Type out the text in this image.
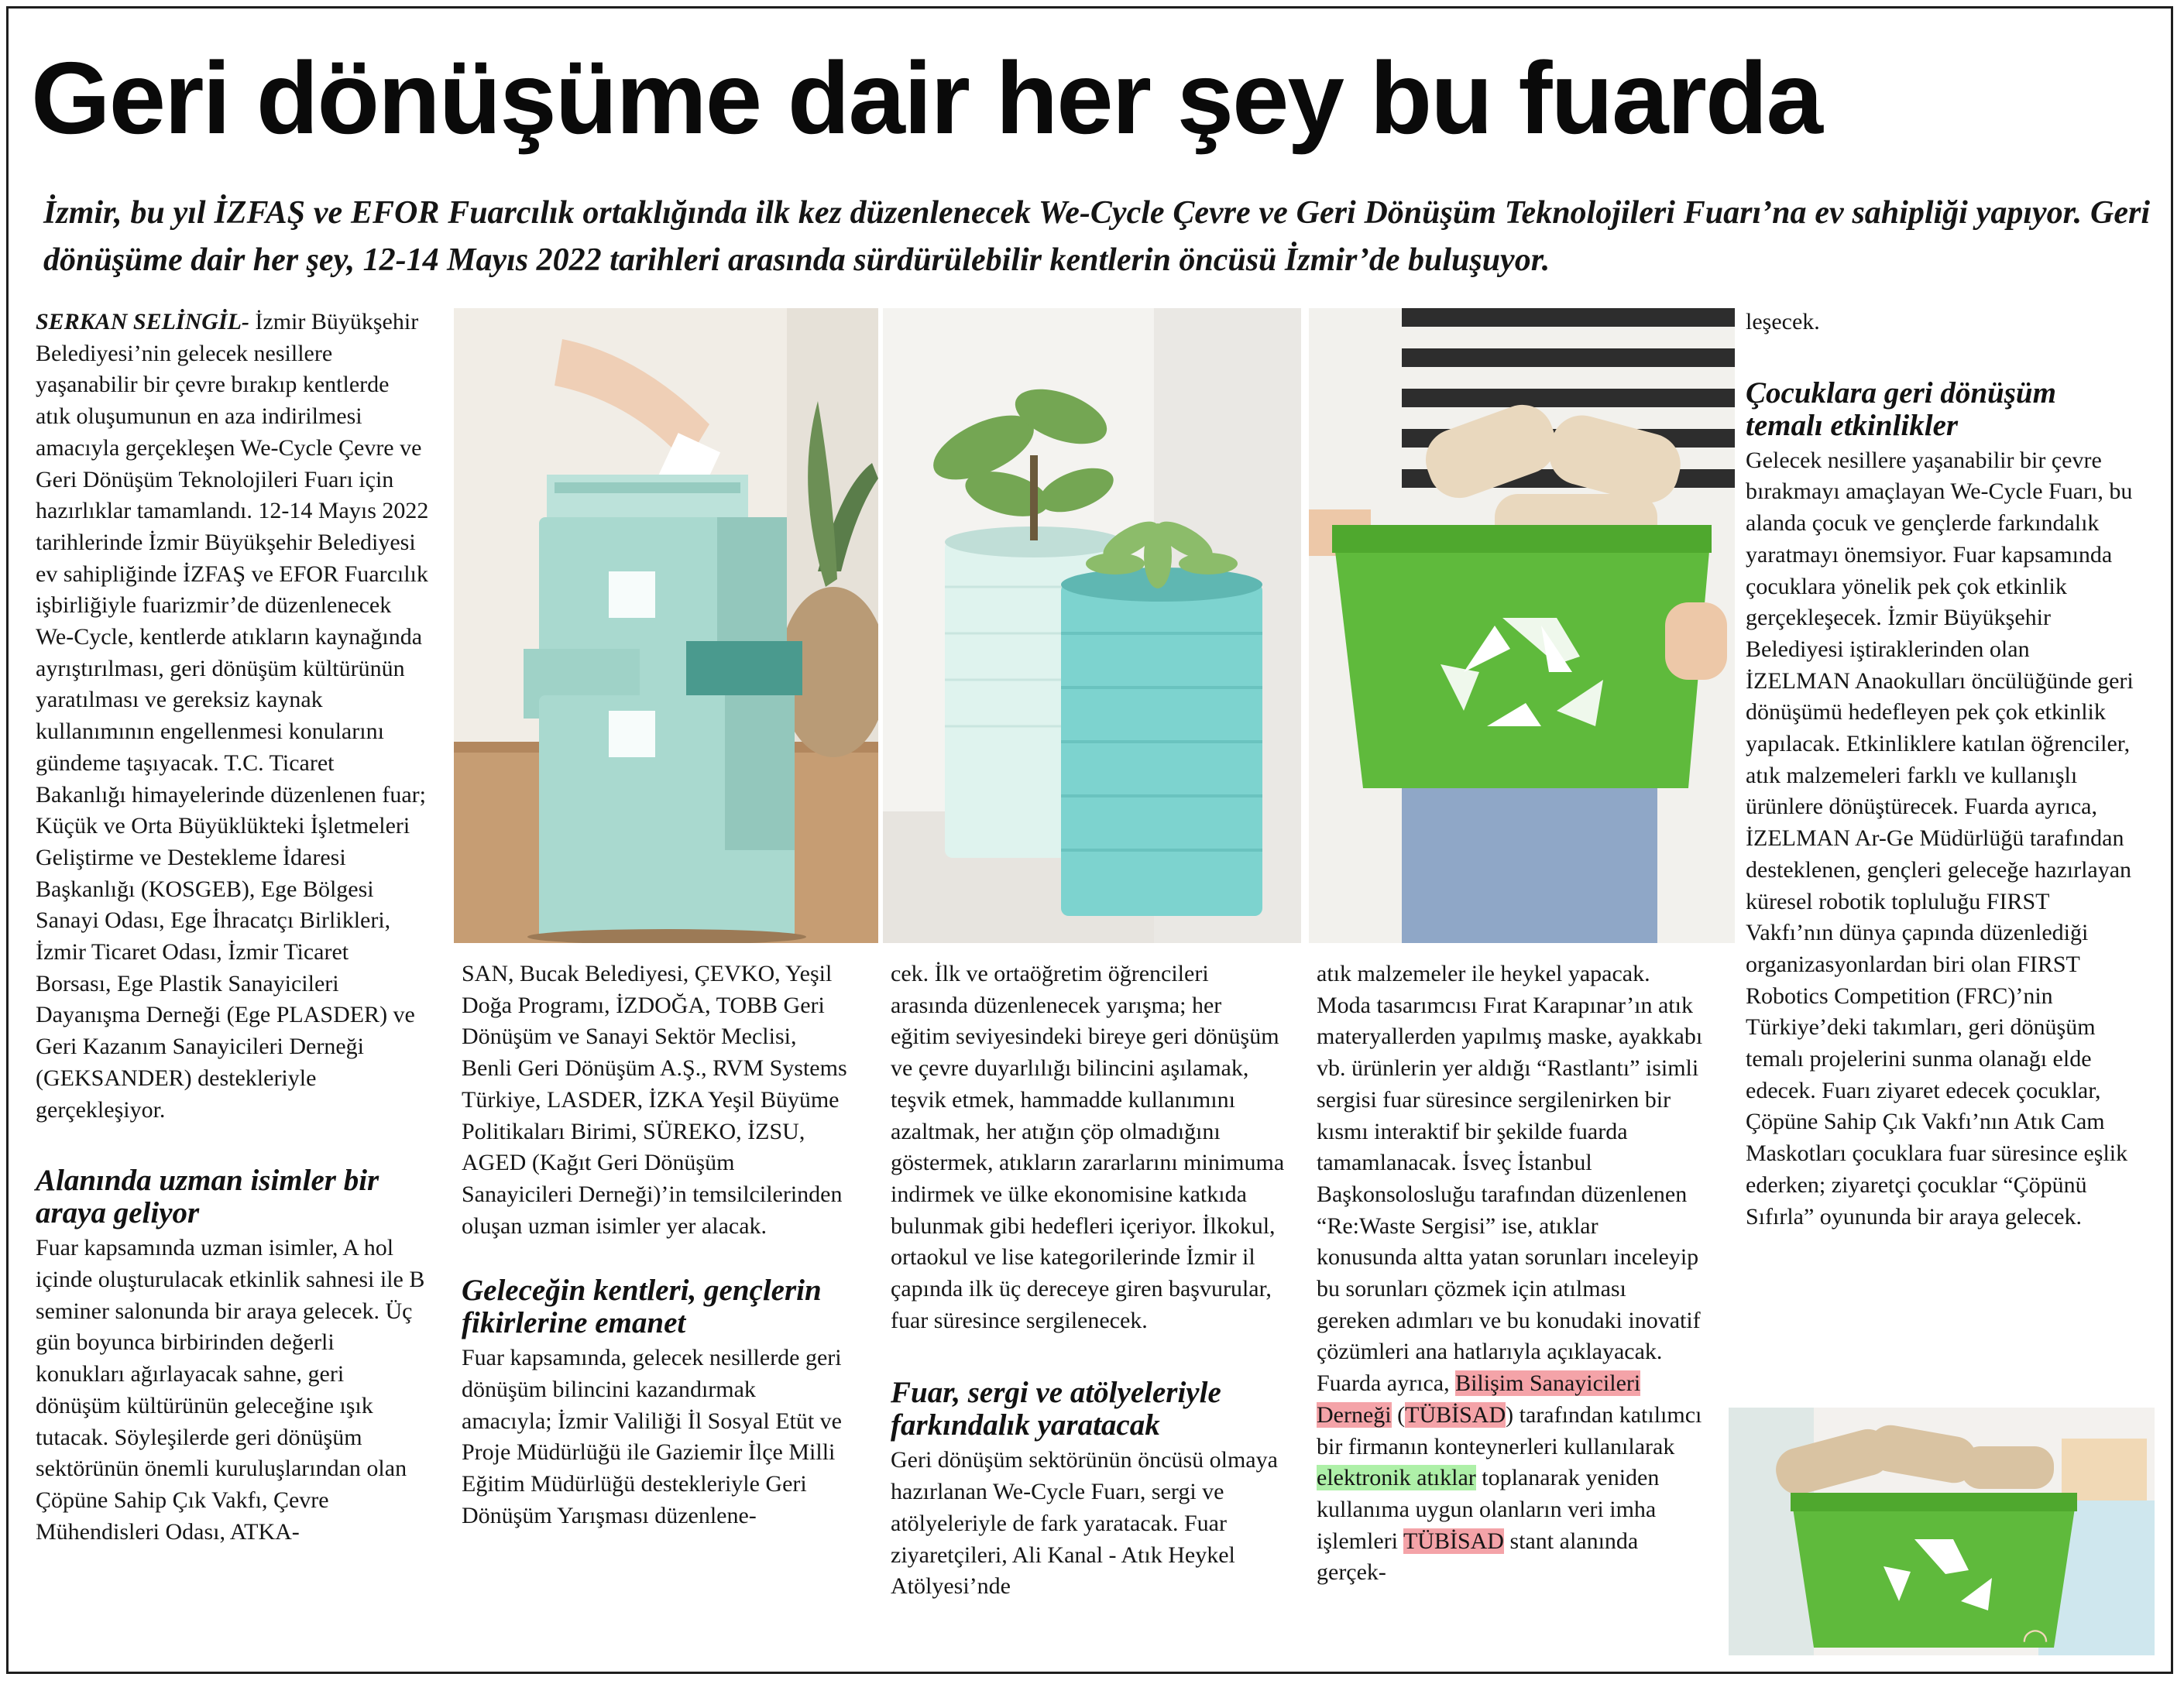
Geri dönüşüme dair her şey bu fuarda

İzmir, bu yıl İZFAŞ ve EFOR Fuarcılık ortaklığında ilk kez düzenlenecek We-Cycle Çevre ve Geri Dönüşüm Teknolojileri Fuarı’na ev sahipliği yapıyor. Geri dönüşüme dair her şey, 12-14 Mayıs 2022 tarihleri arasında sürdürülebilir kentlerin öncüsü İzmir’de buluşuyor.

SERKAN SELİNGİL- İzmir Büyükşehir Belediyesi’nin gelecek nesillere yaşanabilir bir çevre bırakıp kentlerde atık oluşumunun en aza indirilmesi amacıyla gerçekleşen We-Cycle Çevre ve Geri Dönüşüm Teknolojileri Fuarı için hazırlıklar tamamlandı. 12-14 Mayıs 2022 tarihlerinde İzmir Büyükşehir Belediyesi ev sahipliğinde İZFAŞ ve EFOR Fuarcılık işbirliğiyle fuarizmir’de düzenlenecek We-Cycle, kentlerde atıkların kaynağında ayrıştırılması, geri dönüşüm kültürünün yaratılması ve gereksiz kaynak kullanımının engellenmesi konularını gündeme taşıyacak. T.C. Ticaret Bakanlığı himayelerinde düzenlenen fuar; Küçük ve Orta Büyüklükteki İşletmeleri Geliştirme ve Destekleme İdaresi Başkanlığı (KOSGEB), Ege Bölgesi Sanayi Odası, Ege İhracatçı Birlikleri, İzmir Ticaret Odası, İzmir Ticaret Borsası, Ege Plastik Sanayicileri Dayanışma Derneği (Ege PLASDER) ve Geri Kazanım Sanayicileri Derneği (GEKSANDER) destekleriyle gerçekleşiyor.

Alanında uzman isimler bir araya geliyor

Fuar kapsamında uzman isimler, A hol içinde oluşturulacak etkinlik sahnesi ile B seminer salonunda bir araya gelecek. Üç gün boyunca birbirinden değerli konukları ağırlayacak sahne, geri dönüşüm kültürünün geleceğine ışık tutacak. Söyleşilerde geri dönüşüm sektörünün önemli kuruluşlarından olan Çöpüne Sahip Çık Vakfı, Çevre Mühendisleri Odası, ATKA-

SAN, Bucak Belediyesi, ÇEVKO, Yeşil Doğa Programı, İZDOĞA, TOBB Geri Dönüşüm ve Sanayi Sektör Meclisi, Benli Geri Dönüşüm A.Ş., RVM Systems Türkiye, LASDER, İZKA Yeşil Büyüme Politikaları Birimi, SÜREKO, İZSU, AGED (Kağıt Geri Dönüşüm Sanayicileri Derneği)’in temsilcilerinden oluşan uzman isimler yer alacak.

Geleceğin kentleri, gençlerin fikirlerine emanet

Fuar kapsamında, gelecek nesillerde geri dönüşüm bilincini kazandırmak amacıyla; İzmir Valiliği İl Sosyal Etüt ve Proje Müdürlüğü ile Gaziemir İlçe Milli Eğitim Müdürlüğü destekleriyle Geri Dönüşüm Yarışması düzenlene-

cek. İlk ve ortaöğretim öğrencileri arasında düzenlenecek yarışma; her eğitim seviyesindeki bireye geri dönüşüm ve çevre duyarlılığı bilincini aşılamak, teşvik etmek, hammadde kullanımını azaltmak, her atığın çöp olmadığını göstermek, atıkların zararlarını minimuma indirmek ve ülke ekonomisine katkıda bulunmak gibi hedefleri içeriyor. İlkokul, ortaokul ve lise kategorilerinde İzmir il çapında ilk üç dereceye giren başvurular, fuar süresince sergilenecek.

Fuar, sergi ve atölyeleriyle farkındalık yaratacak

Geri dönüşüm sektörünün öncüsü olmaya hazırlanan We-Cycle Fuarı, sergi ve atölyeleriyle de fark yaratacak. Fuar ziyaretçileri, Ali Kanal - Atık Heykel Atölyesi’nde

atık malzemeler ile heykel yapacak. Moda tasarımcısı Fırat Karapınar’ın atık materyallerden yapılmış maske, ayakkabı vb. ürünlerin yer aldığı “Rastlantı” isimli sergisi fuar süresince sergilenirken bir kısmı interaktif bir şekilde fuarda tamamlanacak. İsveç İstanbul Başkonsolosluğu tarafından düzenlenen “Re:Waste Sergisi” ise, atıklar konusunda altta yatan sorunları inceleyip bu sorunları çözmek için atılması gereken adımları ve bu konudaki inovatif çözümleri ana hatlarıyla açıklayacak.

Fuarda ayrıca, Bilişim Sanayicileri Derneği (TÜBİSAD) tarafından katılımcı bir firmanın konteynerleri kullanılarak elektronik atıklar toplanarak yeniden kullanıma uygun olanların veri imha işlemleri TÜBİSAD stant alanında gerçek-

leşecek.

Çocuklara geri dönüşüm temalı etkinlikler

Gelecek nesillere yaşanabilir bir çevre bırakmayı amaçlayan We-Cycle Fuarı, bu alanda çocuk ve gençlerde farkındalık yaratmayı önemsiyor. Fuar kapsamında çocuklara yönelik pek çok etkinlik gerçekleşecek. İzmir Büyükşehir Belediyesi iştiraklerinden olan İZELMAN Anaokulları öncülüğünde geri dönüşümü hedefleyen pek çok etkinlik yapılacak. Etkinliklere katılan öğrenciler, atık malzemeleri farklı ve kullanışlı ürünlere dönüştürecek. Fuarda ayrıca, İZELMAN Ar-Ge Müdürlüğü tarafından desteklenen, gençleri geleceğe hazırlayan küresel robotik topluluğu FIRST Vakfı’nın dünya çapında düzenlediği organizasyonlardan biri olan FIRST Robotics Competition (FRC)’nin Türkiye’deki takımları, geri dönüşüm temalı projelerini sunma olanağı elde edecek. Fuarı ziyaret edecek çocuklar, Çöpüne Sahip Çık Vakfı’nın Atık Cam Maskotları çocuklara fuar süresince eşlik ederken; ziyaretçi çocuklar “Çöpünü Sıfırla” oyununda bir araya gelecek.

◠
